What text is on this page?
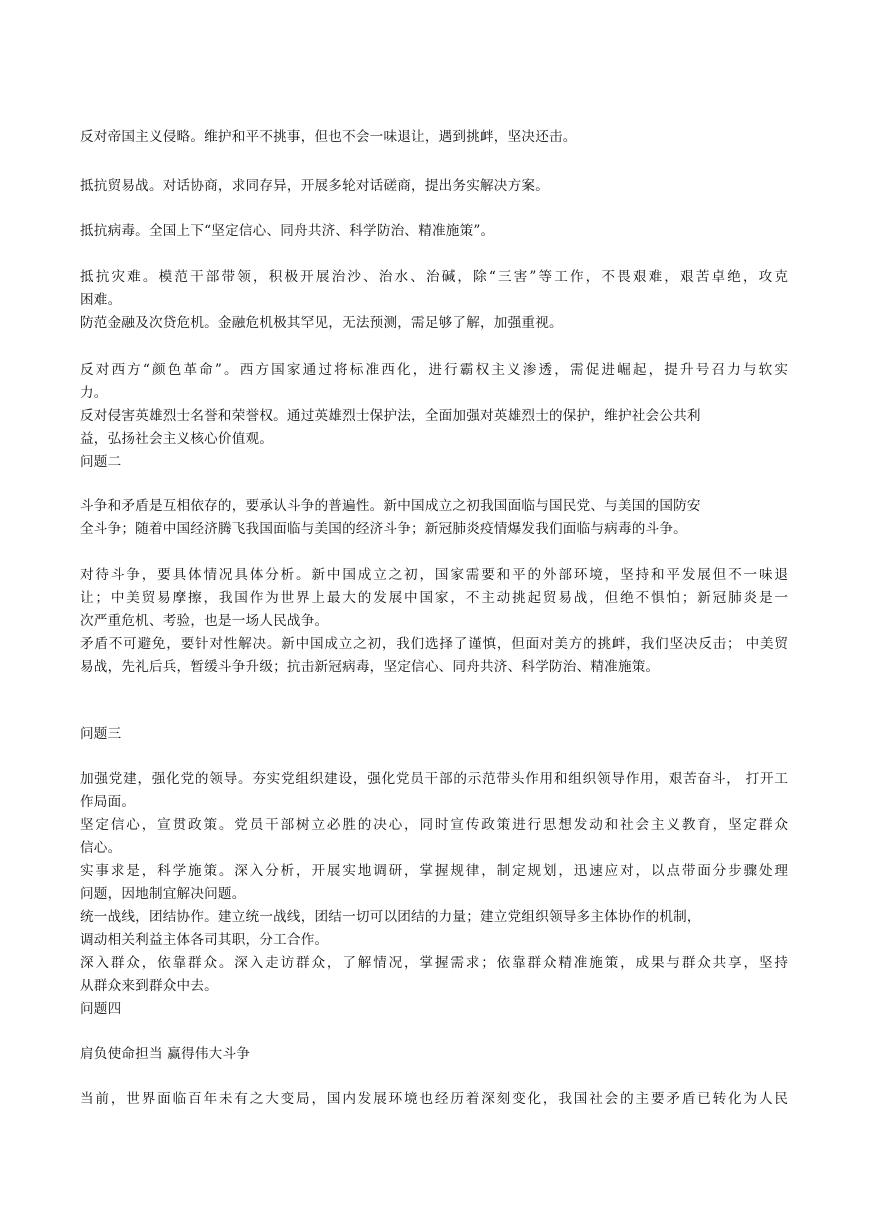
反对帝国主义侵略。维护和平不挑事，但也不会一味退让，遇到挑衅，坚决还击。
抵抗贸易战。对话协商，求同存异，开展多轮对话磋商，提出务实解决方案。
抵抗病毒。全国上下“坚定信心、同舟共济、科学防治、精准施策”。
抵抗灾难。模范干部带领，积极开展治沙、治水、治碱，除“三害”等工作，不畏艰难，艰苦卓绝，攻克
困难。
防范金融及次贷危机。金融危机极其罕见，无法预测，需足够了解，加强重视。
反对西方“颜色革命”。西方国家通过将标准西化，进行霸权主义渗透，需促进崛起，提升号召力与软实
力。
反对侵害英雄烈士名誉和荣誉权。通过英雄烈士保护法，全面加强对英雄烈士的保护，维护社会公共利
益，弘扬社会主义核心价值观。
问题二
斗争和矛盾是互相依存的，要承认斗争的普遍性。新中国成立之初我国面临与国民党、与美国的国防安
全斗争；随着中国经济腾飞我国面临与美国的经济斗争；新冠肺炎疫情爆发我们面临与病毒的斗争。
对待斗争，要具体情况具体分析。新中国成立之初，国家需要和平的外部环境，坚持和平发展但不一味退
让；中美贸易摩擦，我国作为世界上最大的发展中国家，不主动挑起贸易战，但绝不惧怕；新冠肺炎是一
次严重危机、考验，也是一场人民战争。
矛盾不可避免，要针对性解决。新中国成立之初，我们选择了谨慎，但面对美方的挑衅，我们坚决反击； 中美贸
易战，先礼后兵，暂缓斗争升级；抗击新冠病毒，坚定信心、同舟共济、科学防治、精准施策。
问题三
加强党建，强化党的领导。夯实党组织建设，强化党员干部的示范带头作用和组织领导作用，艰苦奋斗， 打开工
作局面。
坚定信心，宣贯政策。党员干部树立必胜的决心，同时宣传政策进行思想发动和社会主义教育，坚定群众
信心。
实事求是，科学施策。深入分析，开展实地调研，掌握规律，制定规划，迅速应对，以点带面分步骤处理
问题，因地制宜解决问题。
统一战线，团结协作。建立统一战线，团结一切可以团结的力量；建立党组织领导多主体协作的机制，
调动相关利益主体各司其职，分工合作。
深入群众，依靠群众。深入走访群众，了解情况，掌握需求；依靠群众精准施策，成果与群众共享，坚持
从群众来到群众中去。
问题四
肩负使命担当 赢得伟大斗争
当前，世界面临百年未有之大变局，国内发展环境也经历着深刻变化，我国社会的主要矛盾已转化为人民
